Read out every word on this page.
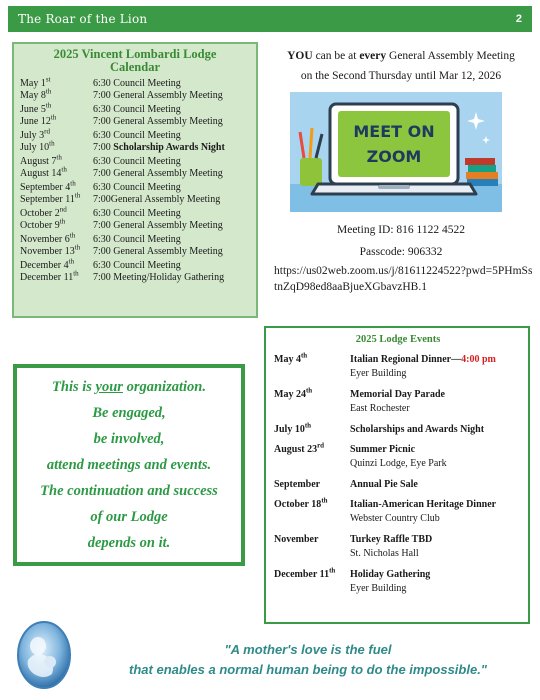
The Roar of the Lion	2
2025 Vincent Lombardi Lodge
Calendar
May 1st	6:30 Council Meeting
May 8th	7:00 General Assembly Meeting
June 5th	6:30 Council Meeting
June 12th	7:00 General Assembly Meeting
July 3rd	6:30 Council Meeting
July 10th	7:00 Scholarship Awards Night
August 7th	6:30 Council Meeting
August 14th	7:00 General Assembly Meeting
September 4th	6:30 Council Meeting
September 11th	7:00General Assembly Meeting
October 2nd	6:30 Council Meeting
October 9th	7:00 General Assembly Meeting
November 6th	6:30 Council Meeting
November 13th	7:00 General Assembly Meeting
December 4th	6:30 Council Meeting
December 11th	7:00 Meeting/Holiday Gathering
YOU can be at every General Assembly Meeting
on the Second Thursday until Mar 12, 2026
MEET ON
ZOOM
Meeting ID: 816 1122 4522
Passcode: 906332
https://us02web.zoom.us/j/81611224522?pwd=5PHmSstnZqD98ed8aaBjueXGbavzHB.1
2025 Lodge Events
May 4th	Italian Regional Dinner—4:00 pm
Eyer Building
May 24th	Memorial Day Parade
East Rochester
July 10th	Scholarships and Awards Night
August 23rd	Summer Picnic
Quinzi Lodge, Eye Park
September	Annual Pie Sale
October 18th	Italian-American Heritage Dinner
Webster Country Club
November	Turkey Raffle TBD
St. Nicholas Hall
December 11th	Holiday Gathering
Eyer Building
This is your organization.
Be engaged,
be involved,
attend meetings and events.
The continuation and success
of our Lodge
depends on it.
"A mother's love is the fuel
that enables a normal human being to do the impossible."
